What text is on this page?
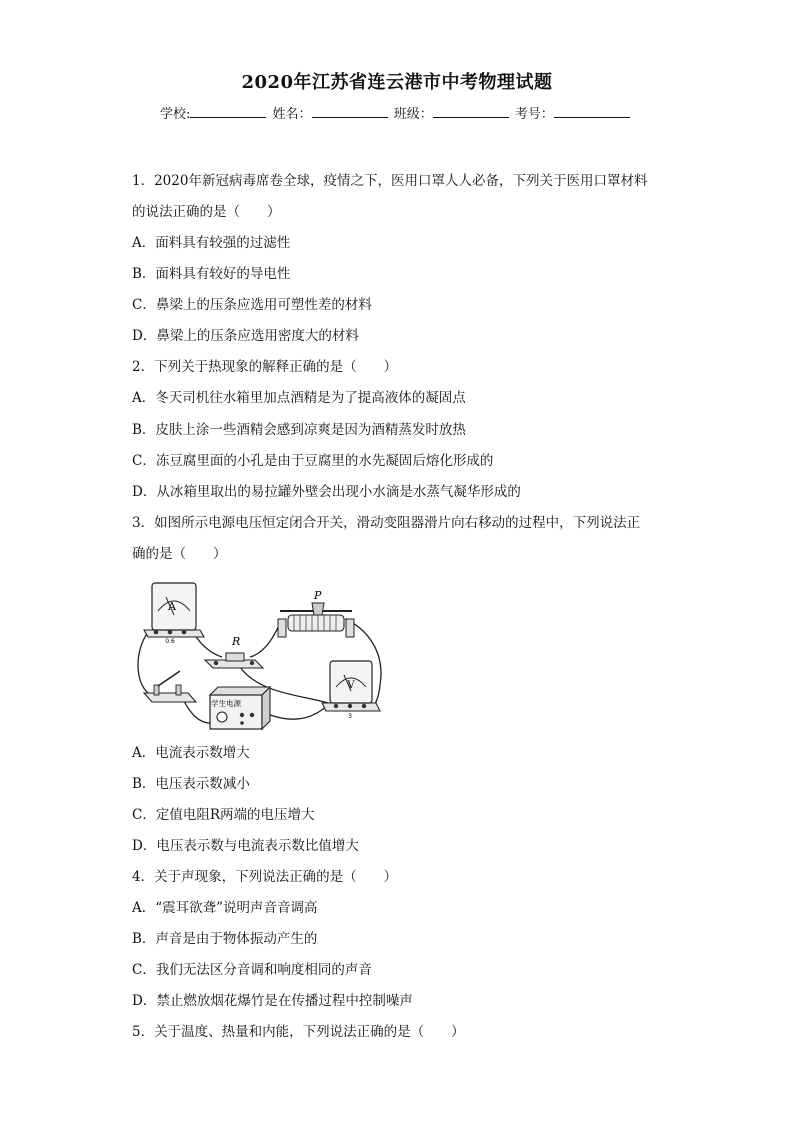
2020年江苏省连云港市中考物理试题
学校:	姓名：	班级：	考号：
1．2020年新冠病毒席卷全球，疫情之下，医用口罩人人必备，下列关于医用口罩材料
的说法正确的是（　　）
A．面料具有较强的过滤性
B．面料具有较好的导电性
C．鼻梁上的压条应选用可塑性差的材料
D．鼻梁上的压条应选用密度大的材料
2．下列关于热现象的解释正确的是（　　）
A．冬天司机往水箱里加点酒精是为了提高液体的凝固点
B．皮肤上涂一些酒精会感到凉爽是因为酒精蒸发时放热
C．冻豆腐里面的小孔是由于豆腐里的水先凝固后熔化形成的
D．从冰箱里取出的易拉罐外壁会出现小水滴是水蒸气凝华形成的
3．如图所示电源电压恒定闭合开关，滑动变阻器滑片向右移动的过程中，下列说法正
确的是（　　）
A
0.6	R
P
学生电源
V
3
A．电流表示数增大
B．电压表示数减小
C．定值电阻R两端的电压增大
D．电压表示数与电流表示数比值增大
4．关于声现象，下列说法正确的是（　　）
A．“震耳欲聋”说明声音音调高
B．声音是由于物体振动产生的
C．我们无法区分音调和响度相同的声音
D．禁止燃放烟花爆竹是在传播过程中控制噪声
5．关于温度、热量和内能，下列说法正确的是（　　）
